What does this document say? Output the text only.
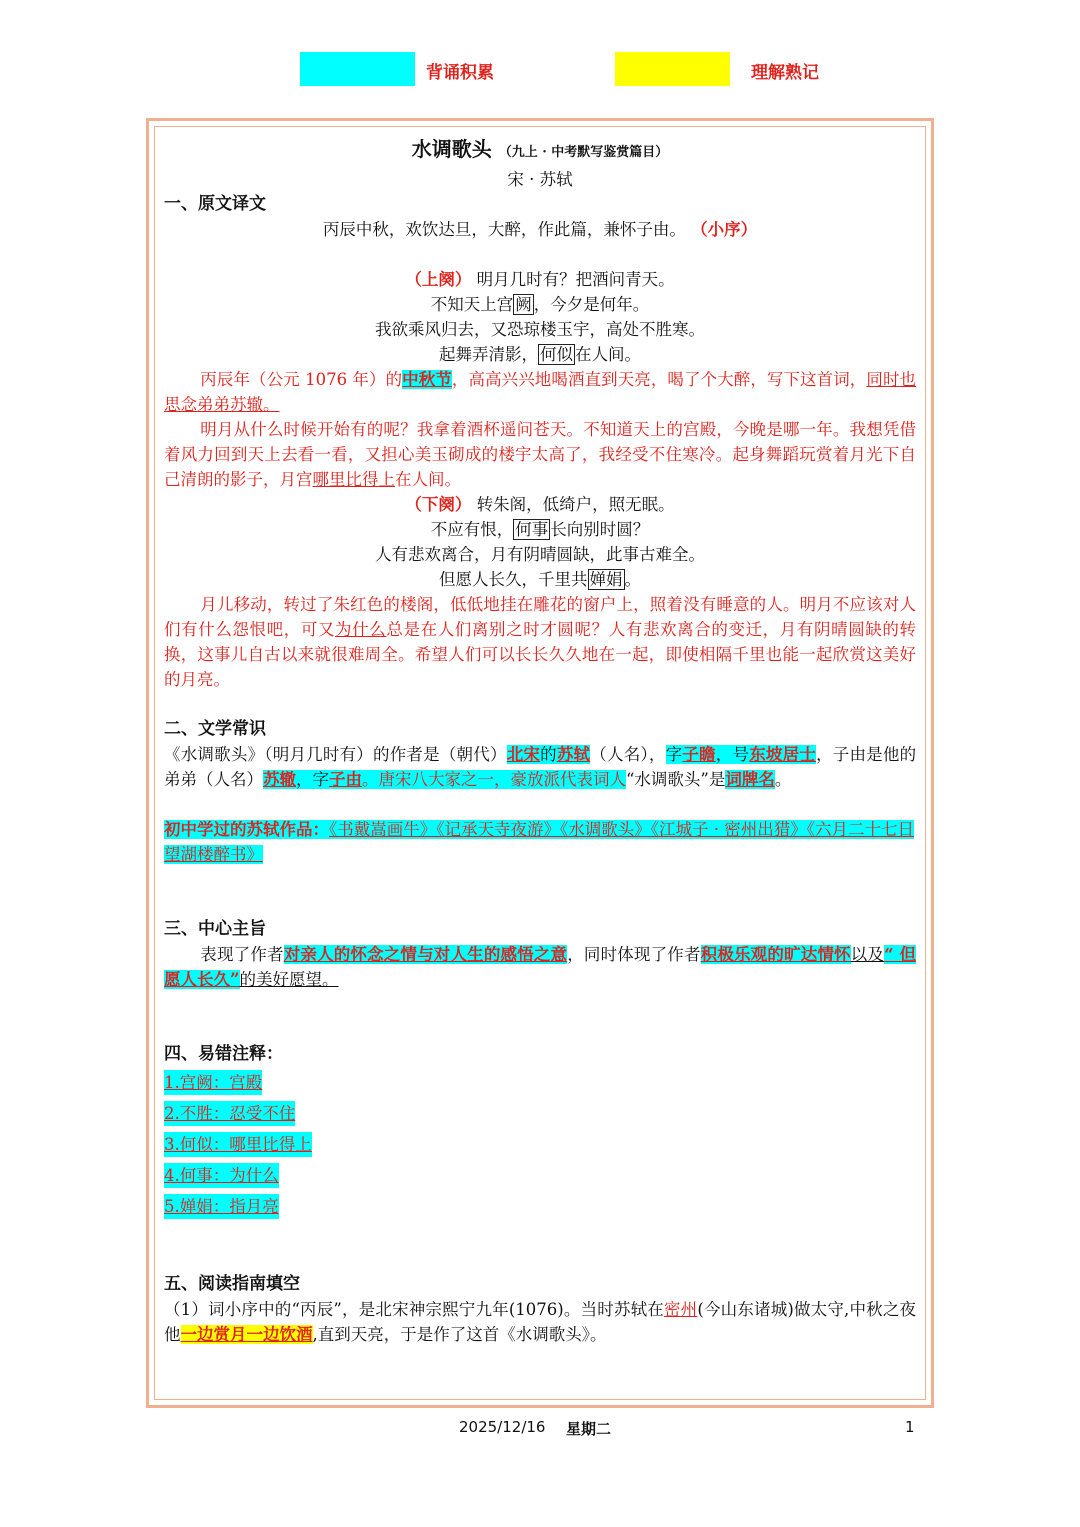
背诵积累	理解熟记
水调歌头 （九上 · 中考默写鉴赏篇目）

宋 · 苏轼

一、原文译文

丙辰中秋，欢饮达旦，大醉，作此篇，兼怀子由。 （小序）

（上阕） 明月几时有？把酒问青天。

不知天上宫 阙 ，今夕是何年。

我欲乘风归去，又恐琼楼玉宇，高处不胜寒。

起舞弄清影， 何似 在人间。

丙辰年（公元 1076 年）的中秋节，高高兴兴地喝酒直到天亮，喝了个大醉，写下这首词，同时也思念弟弟苏辙。

明月从什么时候开始有的呢？我拿着酒杯遥问苍天。不知道天上的宫殿，今晚是哪一年。我想凭借着风力回到天上去看一看，又担心美玉砌成的楼宇太高了，我经受不住寒冷。起身舞蹈玩赏着月光下自己清朗的影子，月宫哪里比得上在人间。

（下阕） 转朱阁，低绮户，照无眠。

不应有恨， 何事 长向别时圆？

人有悲欢离合，月有阴晴圆缺，此事古难全。

但愿人长久，千里共 婵娟 。

月儿移动，转过了朱红色的楼阁，低低地挂在雕花的窗户上，照着没有睡意的人。明月不应该对人们有什么怨恨吧，可又为什么总是在人们离别之时才圆呢？人有悲欢离合的变迁，月有阴晴圆缺的转换，这事儿自古以来就很难周全。希望人们可以长长久久地在一起，即使相隔千里也能一起欣赏这美好的月亮。

二、文学常识

《水调歌头》（明月几时有）的作者是（朝代）北宋的苏轼（人名），字子瞻，号东坡居士，子由是他的弟弟（人名）苏辙，字子由。唐宋八大家之一，豪放派代表词人“水调歌头”是词牌名。

初中学过的苏轼作品：《书戴嵩画牛》《记承天寺夜游》《水调歌头》《江城子 · 密州出猎》《六月二十七日望湖楼醉书》

三、中心主旨

表现了作者对亲人的怀念之情与对人生的感悟之意，同时体现了作者积极乐观的旷达情怀以及“ 但愿人长久”的美好愿望。

四、易错注释：

1.宫阙：宫殿
2.不胜：忍受不住
3.何似：哪里比得上
4.何事：为什么
5.婵娟：指月亮

五、阅读指南填空

（1）词小序中的“丙辰”，是北宋神宗熙宁九年(1076)。当时苏轼在密州(今山东诸城)做太守,中秋之夜他一边赏月一边饮酒,直到天亮，于是作了这首《水调歌头》。

2025/12/16 星期二	1
